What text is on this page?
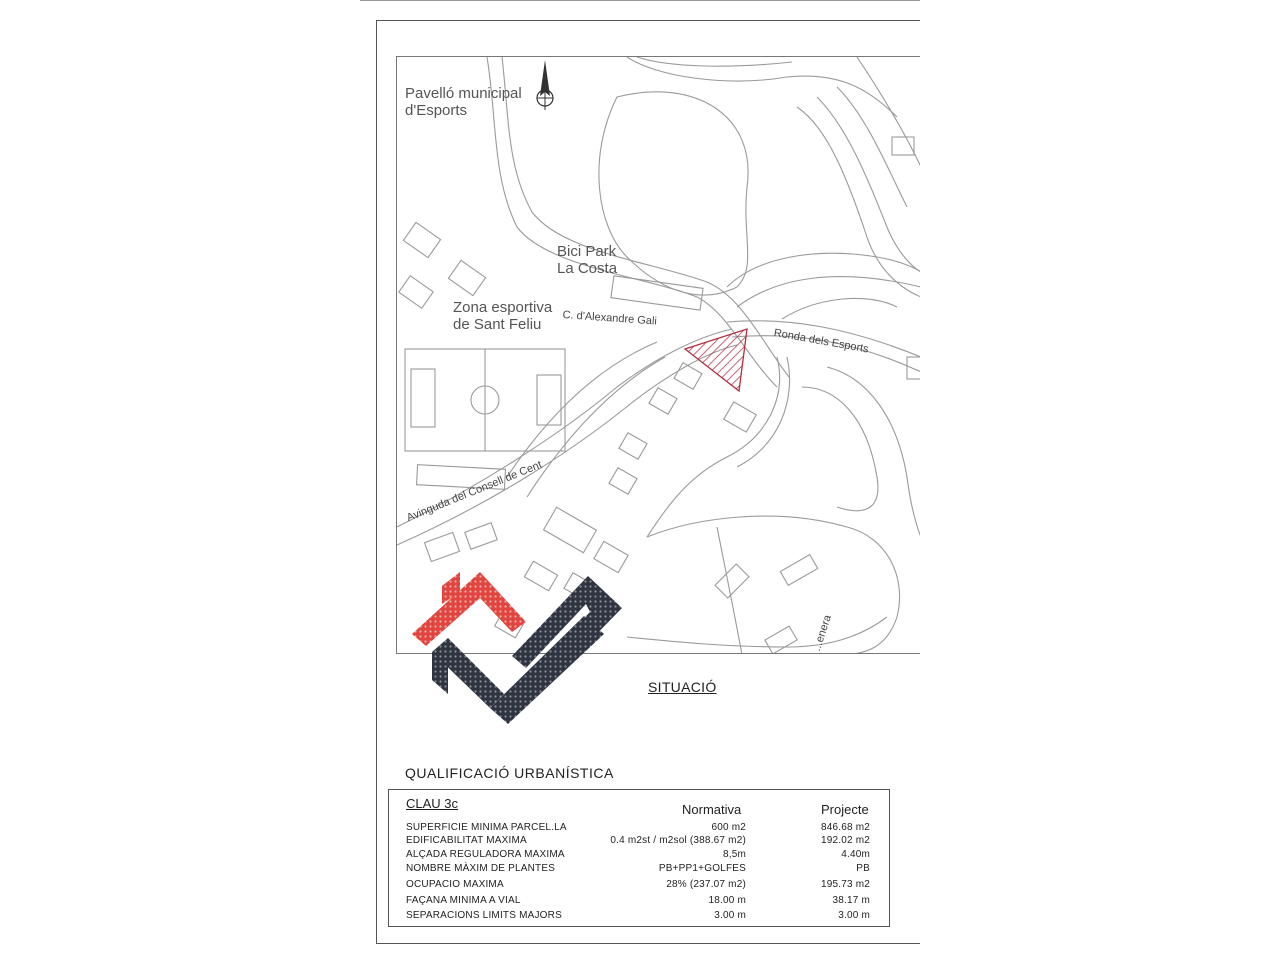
Pavelló municipal
d'Esports
Bici Park
La Costa
Zona esportiva
de Sant Feliu	C. d'Alexandre Gali
Ronda dels Esports
Avinguda del Consell de Cent
...enera
SITUACIÓ
QUALIFICACIÓ URBANÍSTICA
CLAU 3c	Normativa	Projecte
SUPERFICIE MINIMA PARCEL.LA	600 m2	846.68 m2
EDIFICABILITAT MAXIMA	0.4 m2st / m2sol (388.67 m2)	192.02 m2
ALÇADA REGULADORA MAXIMA	8,5m	4.40m
NOMBRE MÀXIM DE PLANTES	PB+PP1+GOLFES	PB
OCUPACIO MAXIMA	28% (237.07 m2)	195.73 m2
FAÇANA MINIMA A VIAL	18.00 m	38.17 m
SEPARACIONS LIMITS MAJORS	3.00 m	3.00 m
